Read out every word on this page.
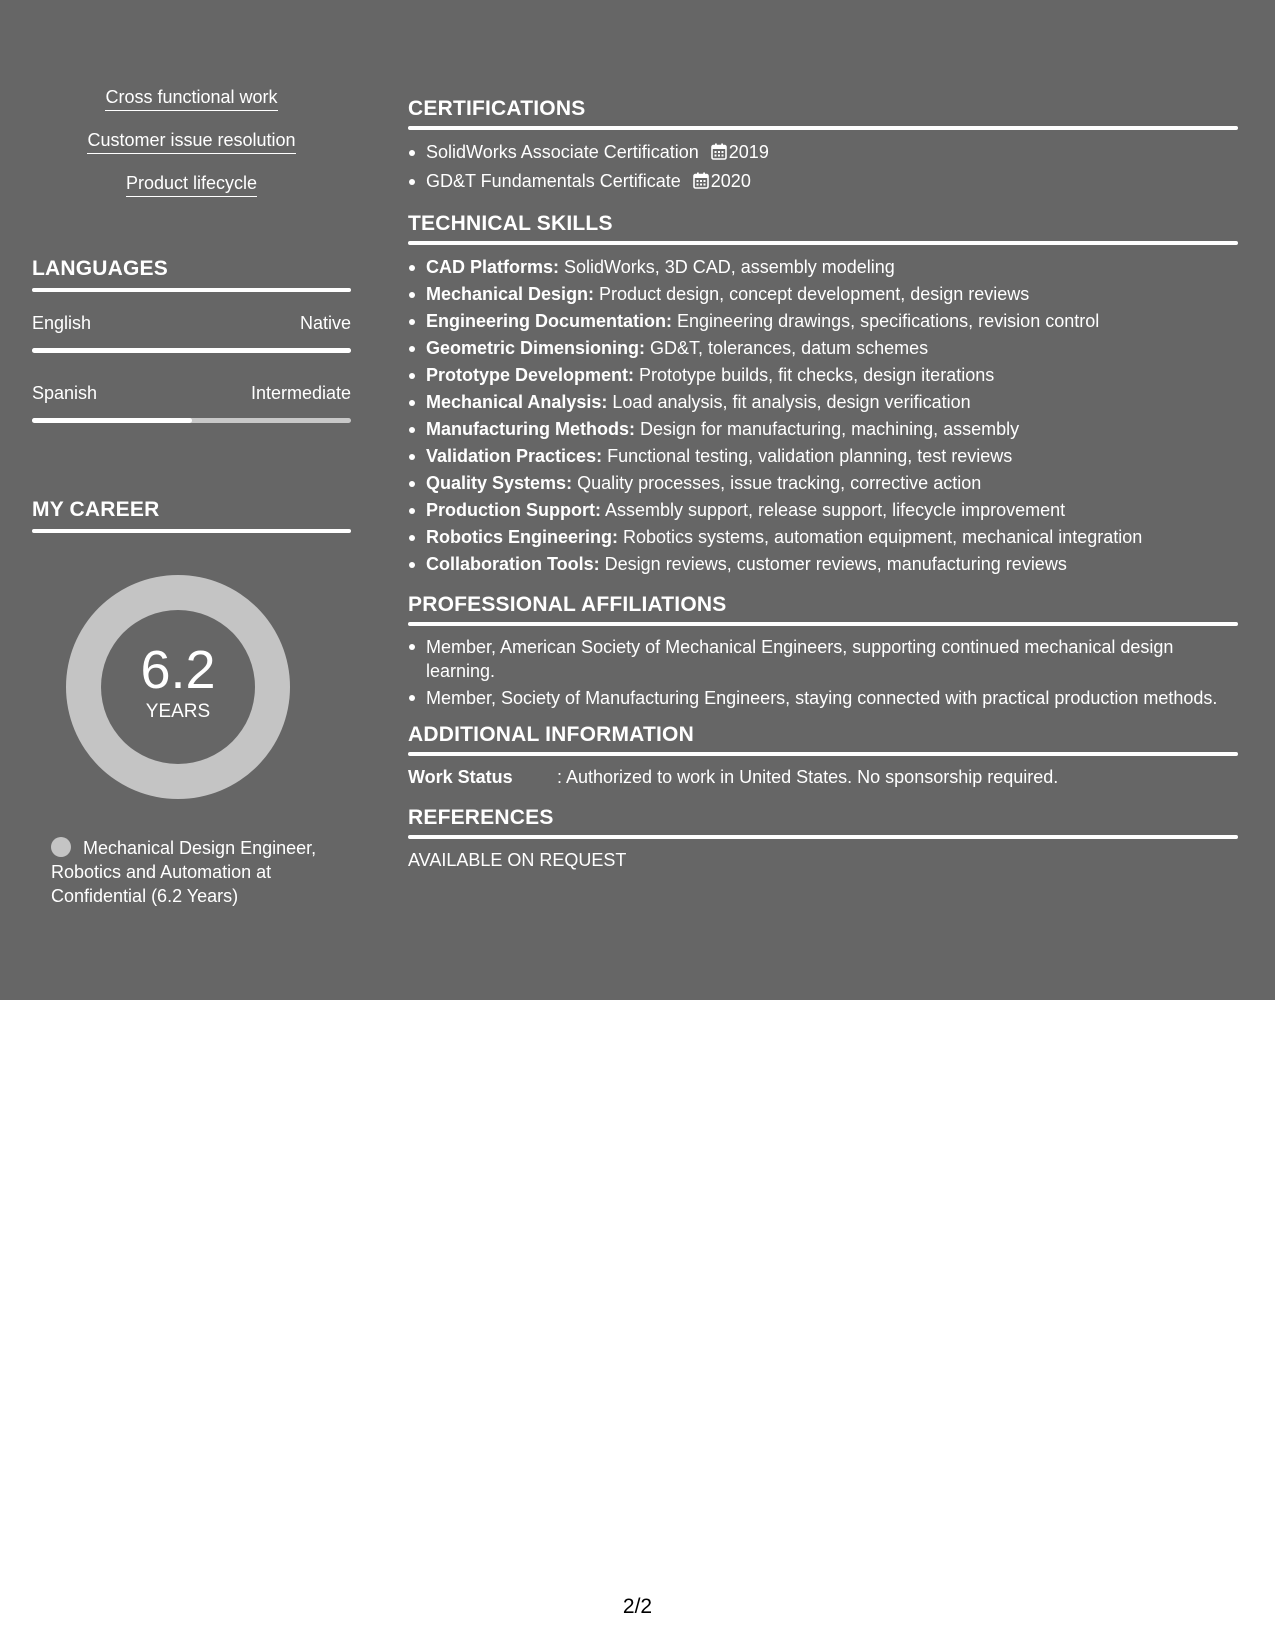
Cross functional work
Customer issue resolution
Product lifecycle
LANGUAGES
English	Native
Spanish	Intermediate
MY CAREER
6.2
YEARS
Mechanical Design Engineer, Robotics and Automation at Confidential (6.2 Years)
CERTIFICATIONS
SolidWorks Associate Certification 2019
GD&T Fundamentals Certificate 2020
TECHNICAL SKILLS
CAD Platforms: SolidWorks, 3D CAD, assembly modeling
Mechanical Design: Product design, concept development, design reviews
Engineering Documentation: Engineering drawings, specifications, revision control
Geometric Dimensioning: GD&T, tolerances, datum schemes
Prototype Development: Prototype builds, fit checks, design iterations
Mechanical Analysis: Load analysis, fit analysis, design verification
Manufacturing Methods: Design for manufacturing, machining, assembly
Validation Practices: Functional testing, validation planning, test reviews
Quality Systems: Quality processes, issue tracking, corrective action
Production Support: Assembly support, release support, lifecycle improvement
Robotics Engineering: Robotics systems, automation equipment, mechanical integration
Collaboration Tools: Design reviews, customer reviews, manufacturing reviews
PROFESSIONAL AFFILIATIONS
Member, American Society of Mechanical Engineers, supporting continued mechanical design learning.
Member, Society of Manufacturing Engineers, staying connected with practical production methods.
ADDITIONAL INFORMATION
Work Status	: Authorized to work in United States. No sponsorship required.
REFERENCES
AVAILABLE ON REQUEST
2/2
